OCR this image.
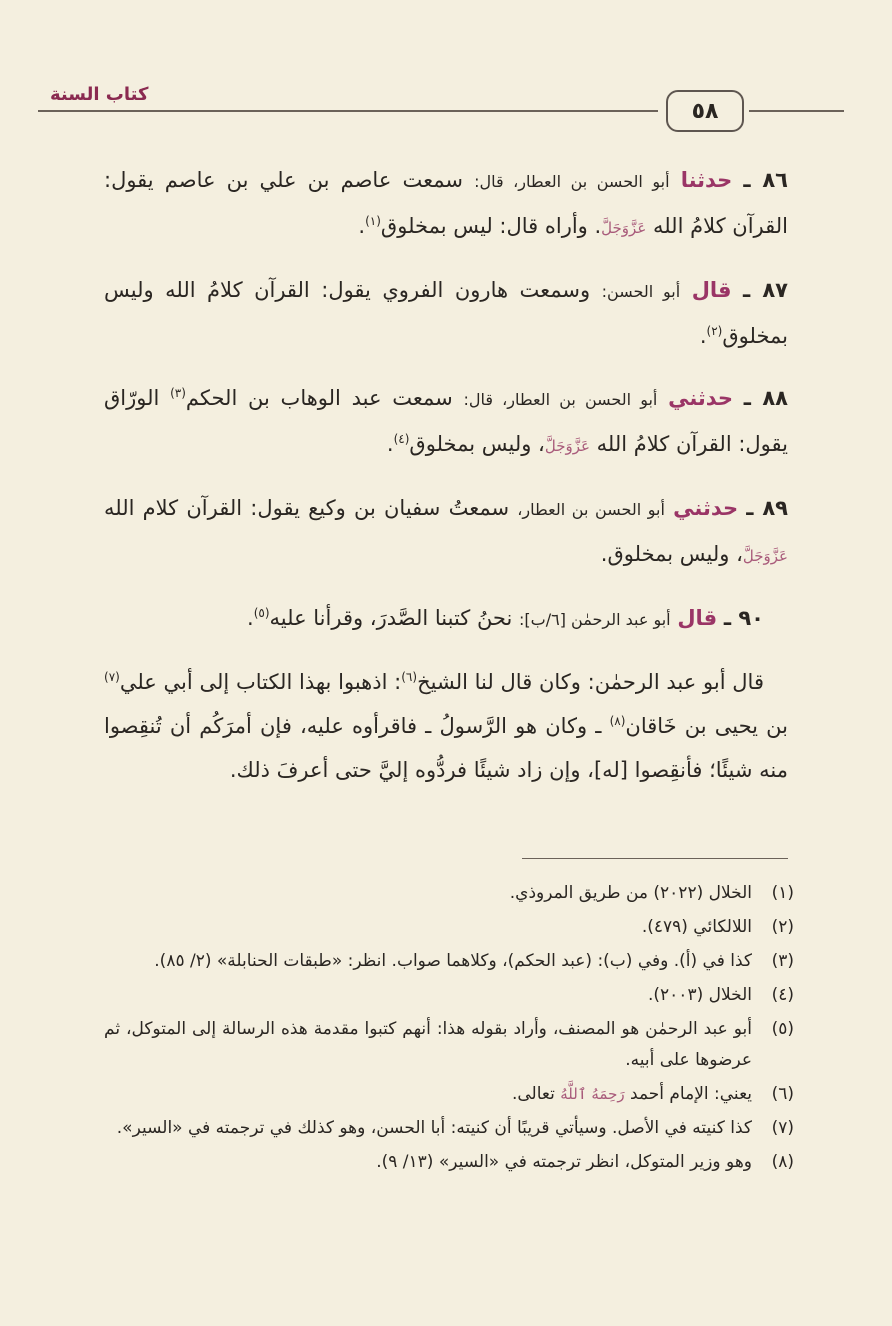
٥٨
كتاب السنة

٨٦ ـ حدثنا أبو الحسن بن العطار، قال: سمعت عاصم بن علي بن عاصم يقول: القرآن كلامُ الله عَزَّوَجَلَّ. وأراه قال: ليس بمخلوق$^{(١)}$.

٨٧ ـ قال أبو الحسن: وسمعت هارون الفروي يقول: القرآن كلامُ الله وليس بمخلوق$^{(٢)}$.

٨٨ ـ حدثني أبو الحسن بن العطار، قال: سمعت عبد الوهاب بن الحكم$^{(٣)}$ الورّاق يقول: القرآن كلامُ الله عَزَّوَجَلَّ، وليس بمخلوق$^{(٤)}$.

٨٩ ـ حدثني أبو الحسن بن العطار، سمعتُ سفيان بن وكيع يقول: القرآن كلام الله عَزَّوَجَلَّ، وليس بمخلوق.

٩٠ ـ قال أبو عبد الرحمٰن [٦/ب]: نحنُ كتبنا الصَّدرَ، وقرأنا عليه$^{(٥)}$.

قال أبو عبد الرحمٰن: وكان قال لنا الشيخ$^{(٦)}$: اذهبوا بهذا الكتاب إلى أبي علي$^{(٧)}$ بن يحيى بن خَاقان$^{(٨)}$ ـ وكان هو الرَّسولُ ـ فاقرأوه عليه، فإن أمرَكُم أن تُنقِصوا منه شيئًا؛ فأنقِصوا [له]، وإن زاد شيئًا فردُّوه إليَّ حتى أعرفَ ذلك.

(١)
الخلال (٢٠٢٢) من طريق المروذي.
(٢)
اللالكائي (٤٧٩).
(٣)
كذا في (أ). وفي (ب): (عبد الحكم)، وكلاهما صواب. انظر: «طبقات الحنابلة» (٢/ ٨٥).
(٤)
الخلال (٢٠٠٣).
(٥)
أبو عبد الرحمٰن هو المصنف، وأراد بقوله هذا: أنهم كتبوا مقدمة هذه الرسالة إلى المتوكل، ثم عرضوها على أبيه.
(٦)
يعني: الإمام أحمد رَحِمَهُ ٱللَّهُ تعالى.
(٧)
كذا كنيته في الأصل. وسيأتي قريبًا أن كنيته: أبا الحسن، وهو كذلك في ترجمته في «السير».
(٨)
وهو وزير المتوكل، انظر ترجمته في «السير» (١٣/ ٩).
